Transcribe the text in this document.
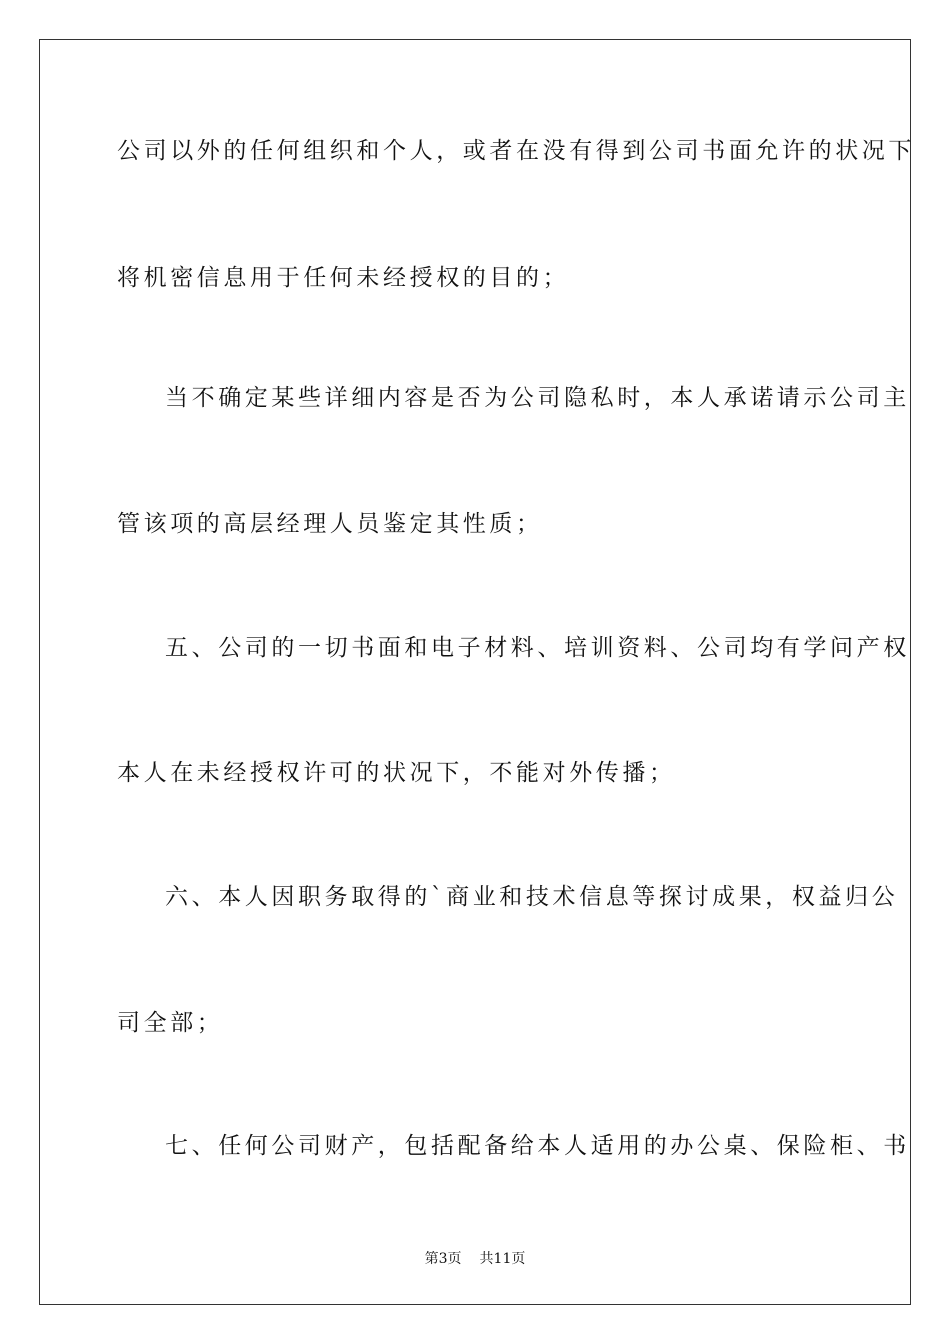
公司以外的任何组织和个人，或者在没有得到公司书面允许的状况下
将机密信息用于任何未经授权的目的；
当不确定某些详细内容是否为公司隐私时，本人承诺请示公司主
管该项的高层经理人员鉴定其性质；
五、公司的一切书面和电子材料、培训资料、公司均有学问产权
本人在未经授权许可的状况下，不能对外传播；
六、本人因职务取得的`商业和技术信息等探讨成果，权益归公
司全部；
七、任何公司财产，包括配备给本人适用的办公桌、保险柜、书
第3页 共11页
